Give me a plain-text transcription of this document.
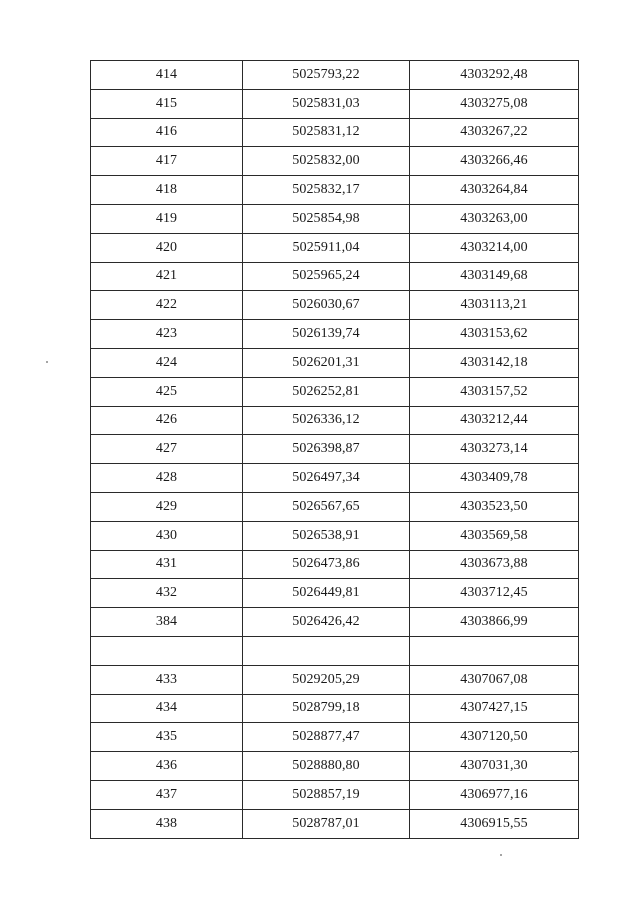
414	5025793,22	4303292,48
415	5025831,03	4303275,08
416	5025831,12	4303267,22
417	5025832,00	4303266,46
418	5025832,17	4303264,84
419	5025854,98	4303263,00
420	5025911,04	4303214,00
421	5025965,24	4303149,68
422	5026030,67	4303113,21
423	5026139,74	4303153,62
424	5026201,31	4303142,18
425	5026252,81	4303157,52
426	5026336,12	4303212,44
427	5026398,87	4303273,14
428	5026497,34	4303409,78
429	5026567,65	4303523,50
430	5026538,91	4303569,58
431	5026473,86	4303673,88
432	5026449,81	4303712,45
384	5026426,42	4303866,99

433	5029205,29	4307067,08
434	5028799,18	4307427,15
435	5028877,47	4307120,50
436	5028880,80	4307031,30
437	5028857,19	4306977,16
438	5028787,01	4306915,55
